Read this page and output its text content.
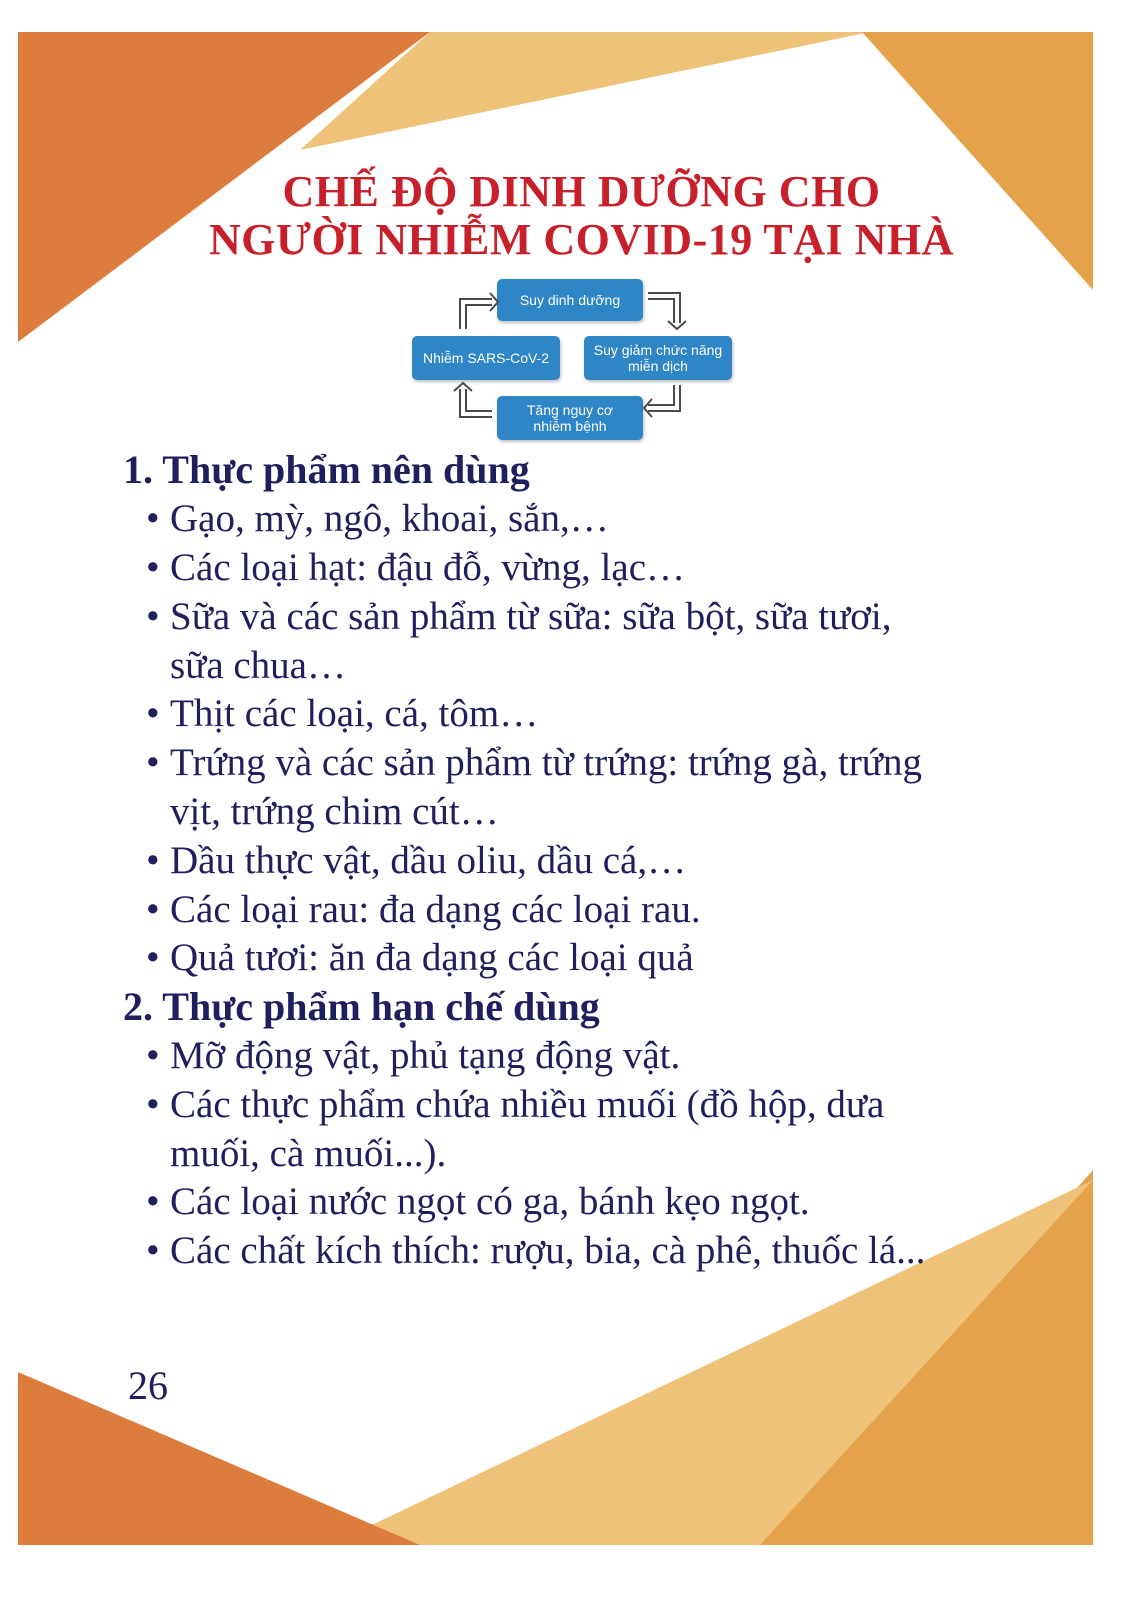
CHẾ ĐỘ DINH DƯỠNG CHO
NGƯỜI NHIỄM COVID-19 TẠI NHÀ
Suy dinh dưỡng
Nhiễm SARS-CoV-2	Suy giảm chức năng
miễn dịch
Tăng nguy cơ
nhiễm bệnh
1. Thực phẩm nên dùng
• Gạo, mỳ, ngô, khoai, sắn,…
• Các loại hạt: đậu đỗ, vừng, lạc…
• Sữa và các sản phẩm từ sữa: sữa bột, sữa tươi,
sữa chua…
• Thịt các loại, cá, tôm…
• Trứng và các sản phẩm từ trứng: trứng gà, trứng
vịt, trứng chim cút…
• Dầu thực vật, dầu oliu, dầu cá,…
• Các loại rau: đa dạng các loại rau.
• Quả tươi: ăn đa dạng các loại quả
2. Thực phẩm hạn chế dùng
• Mỡ động vật, phủ tạng động vật.
• Các thực phẩm chứa nhiều muối (đồ hộp, dưa
muối, cà muối...).
• Các loại nước ngọt có ga, bánh kẹo ngọt.
• Các chất kích thích: rượu, bia, cà phê, thuốc lá...
26
